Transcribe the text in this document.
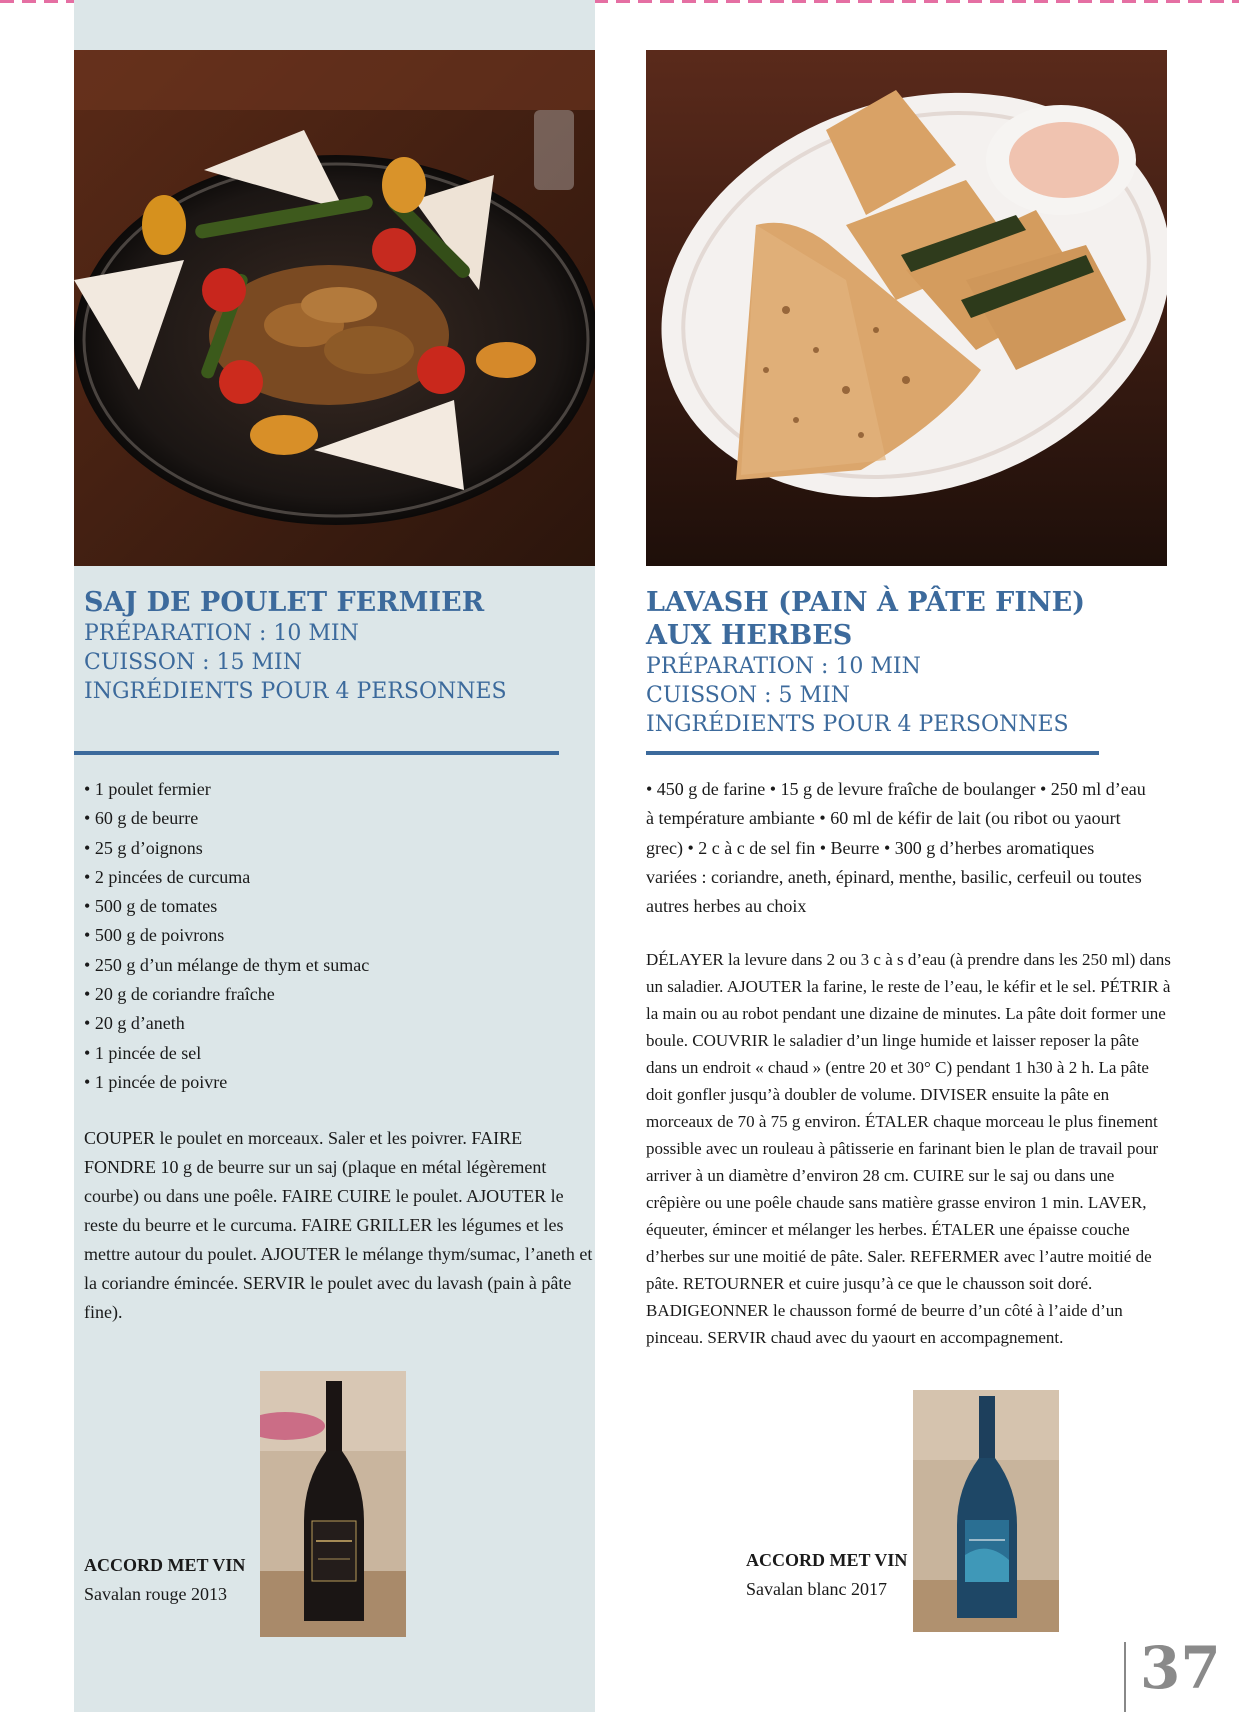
SAJ DE POULET FERMIER
PRÉPARATION : 10 MIN
CUISSON : 15 MIN
INGRÉDIENTS POUR 4 PERSONNES
• 1 poulet fermier
• 60 g de beurre
• 25 g d’oignons
• 2 pincées de curcuma
• 500 g de tomates
• 500 g de poivrons
• 250 g d’un mélange de thym et sumac
• 20 g de coriandre fraîche
• 20 g d’aneth
• 1 pincée de sel
• 1 pincée de poivre

COUPER le poulet en morceaux. Saler et les poivrer. FAIRE FONDRE 10 g de beurre sur un saj (plaque en métal légèrement courbe) ou dans une poêle. FAIRE CUIRE le poulet. AJOUTER le reste du beurre et le curcuma. FAIRE GRILLER les légumes et les mettre autour du poulet. AJOUTER le mélange thym/sumac, l’aneth et la coriandre émincée. SERVIR le poulet avec du lavash (pain à pâte fine).

ACCORD MET VIN
Savalan rouge 2013
LAVASH (PAIN À PÂTE FINE)
AUX HERBES
PRÉPARATION : 10 MIN
CUISSON : 5 MIN
INGRÉDIENTS POUR 4 PERSONNES

• 450 g de farine • 15 g de levure fraîche de boulanger • 250 ml d’eau à température ambiante • 60 ml de kéfir de lait (ou ribot ou yaourt grec) • 2 c à c de sel fin • Beurre • 300 g d’herbes aromatiques variées : coriandre, aneth, épinard, menthe, basilic, cerfeuil ou toutes autres herbes au choix

DÉLAYER la levure dans 2 ou 3 c à s d’eau (à prendre dans les 250 ml) dans un saladier. AJOUTER la farine, le reste de l’eau, le kéfir et le sel. PÉTRIR à la main ou au robot pendant une dizaine de minutes. La pâte doit former une boule. COUVRIR le saladier d’un linge humide et laisser reposer la pâte dans un endroit « chaud » (entre 20 et 30° C) pendant 1 h30 à 2 h. La pâte doit gonfler jusqu’à doubler de volume. DIVISER ensuite la pâte en morceaux de 70 à 75 g environ. ÉTALER chaque morceau le plus finement possible avec un rouleau à pâtisserie en farinant bien le plan de travail pour arriver à un diamètre d’environ 28 cm. CUIRE sur le saj ou dans une crêpière ou une poêle chaude sans matière grasse environ 1 min. LAVER, équeuter, émincer et mélanger les herbes. ÉTALER une épaisse couche d’herbes sur une moitié de pâte. Saler. REFERMER avec l’autre moitié de pâte. RETOURNER et cuire jusqu’à ce que le chausson soit doré. BADIGEONNER le chausson formé de beurre d’un côté à l’aide d’un pinceau. SERVIR chaud avec du yaourt en accompagnement.

ACCORD MET VIN
Savalan blanc 2017
37
